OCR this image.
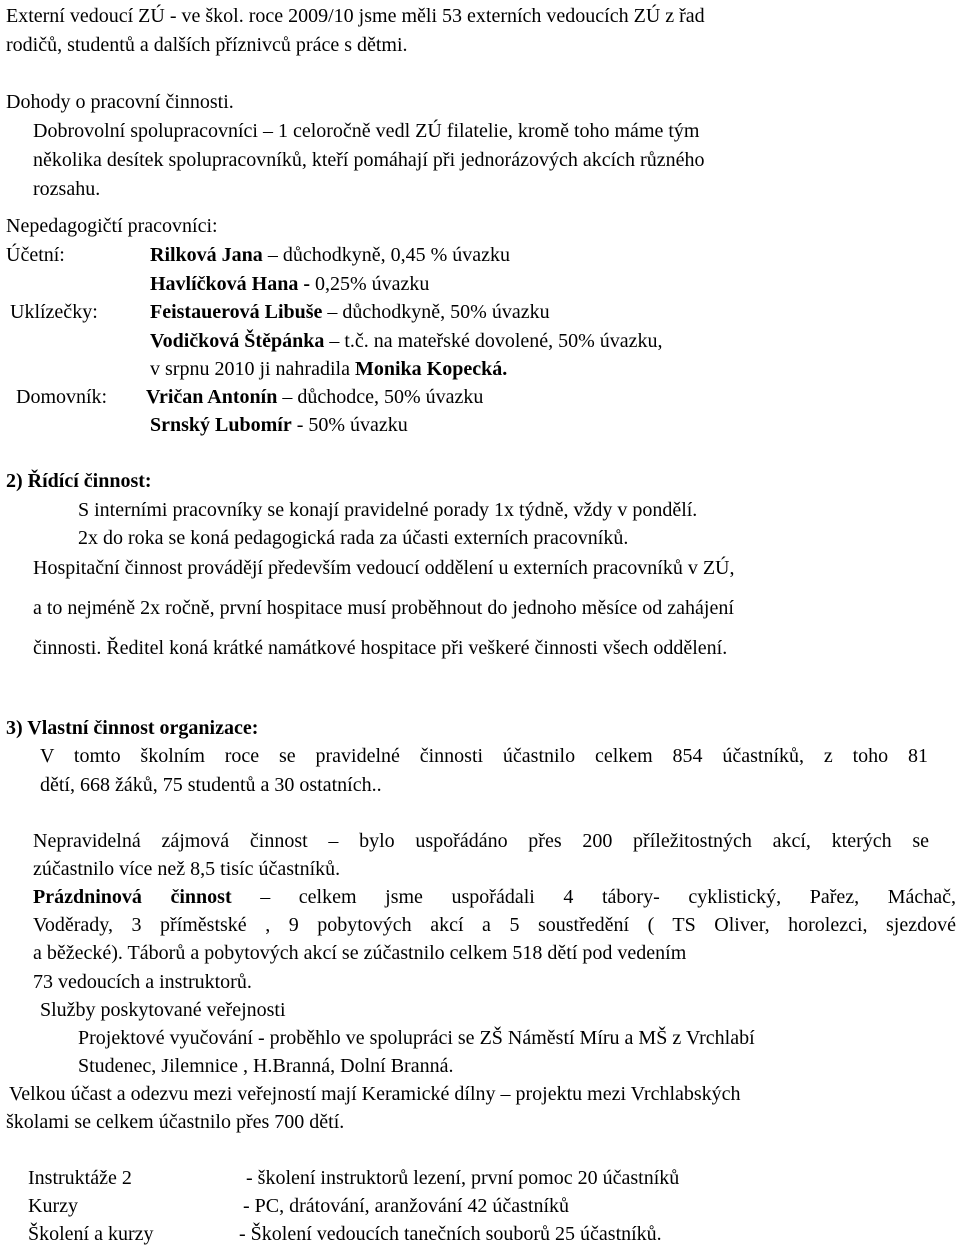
Externí vedoucí ZÚ - ve škol. roce 2009/10 jsme měli 53 externích vedoucích ZÚ z řad
rodičů, studentů a dalších příznivců práce s dětmi.
Dohody o pracovní činnosti.
Dobrovolní spolupracovníci – 1 celoročně vedl ZÚ filatelie, kromě toho máme tým
několika desítek spolupracovníků, kteří pomáhají při jednorázových akcích různého
rozsahu.
Nepedagogičtí pracovníci:
Účetní:	Rilková Jana – důchodkyně, 0,45 % úvazku
Havlíčková Hana - 0,25% úvazku
Uklízečky:	Feistauerová Libuše – důchodkyně, 50% úvazku
Vodičková Štěpánka – t.č. na mateřské dovolené, 50% úvazku,
v srpnu 2010 ji nahradila Monika Kopecká.
Domovník: Vričan Antonín – důchodce, 50% úvazku
Srnský Lubomír - 50% úvazku
2) Řídící činnost:
S interními pracovníky se konají pravidelné porady 1x týdně, vždy v pondělí.
2x do roka se koná pedagogická rada za účasti externích pracovníků.
Hospitační činnost provádějí především vedoucí oddělení u externích pracovníků v ZÚ,
a to nejméně 2x ročně, první hospitace musí proběhnout do jednoho měsíce od zahájení
činnosti. Ředitel koná krátké namátkové hospitace při veškeré činnosti všech oddělení.
3) Vlastní činnost organizace:
V tomto školním roce se pravidelné činnosti účastnilo celkem 854 účastníků, z toho 81
dětí, 668 žáků, 75 studentů a 30 ostatních..
Nepravidelná zájmová činnost – bylo uspořádáno přes 200 příležitostných akcí, kterých se
zúčastnilo více než 8,5 tisíc účastníků.
Prázdninová činnost – celkem jsme uspořádali 4 tábory- cyklistický, Pařez, Máchač,
Voděrady, 3 příměstské , 9 pobytových akcí a 5 soustředění ( TS Oliver, horolezci, sjezdové
a běžecké). Táborů a pobytových akcí se zúčastnilo celkem 518 dětí pod vedením
73 vedoucích a instruktorů.
Služby poskytované veřejnosti
Projektové vyučování - proběhlo ve spolupráci se ZŠ Náměstí Míru a MŠ z Vrchlabí
Studenec, Jilemnice , H.Branná, Dolní Branná.
Velkou účast a odezvu mezi veřejností mají Keramické dílny – projektu mezi Vrchlabských
školami se celkem účastnilo přes 700 dětí.
Instruktáže 2	- školení instruktorů lezení, první pomoc 20 účastníků
Kurzy	- PC, drátování, aranžování 42 účastníků
Školení a kurzy	- Školení vedoucích tanečních souborů 25 účastníků.
